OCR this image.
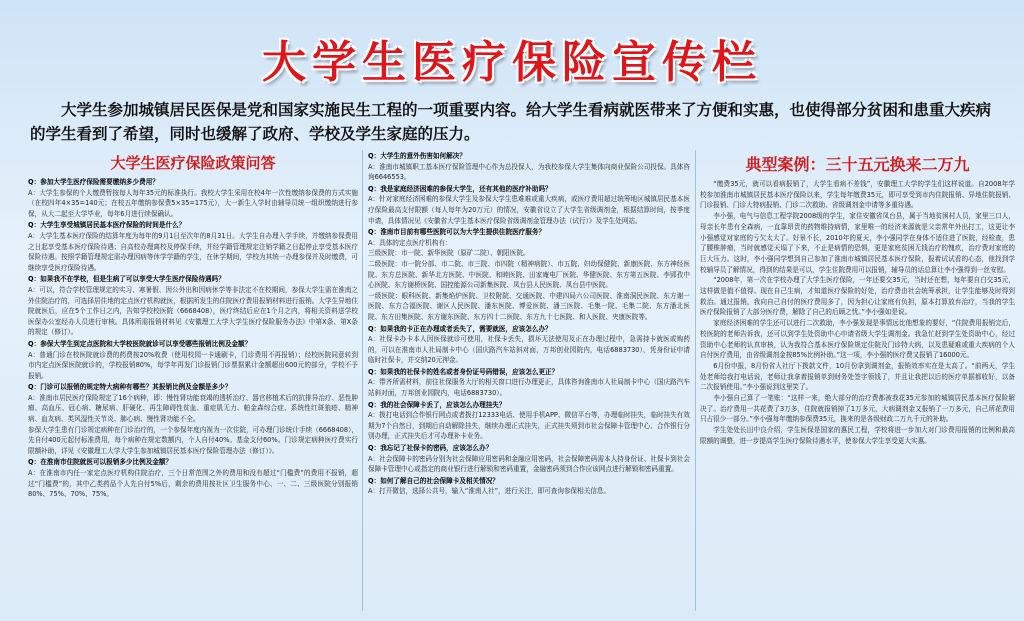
大学生医疗保险宣传栏
大学生参加城镇居民医保是党和国家实施民生工程的一项重要内容。给大学生看病就医带来了方便和实惠，也使得部分贫困和患重大疾病的学生看到了希望，同时也缓解了政府、学校及学生家庭的压力。
大学生医疗保险政策问答
Q：参加大学生医疗保险需要缴纳多少费用？
A：大学生参保的个人缴费暂按每人每年35元的标准执行。我校大学生采用在校4年一次性缴纳参保费的方式实施（在校四年4×35=140元；在校五年缴纳参保费5×35=175元），大一新生入学时由辅导员统一组织缴纳进行参保，从大二起至大学毕业，每年6月进行续保确认。
Q：大学生享受城镇居民基本医疗保险的时间是什么？
A：大学生基本医疗保险的结算年度为每年的9月1日至次年的8月31日。大学生自办理入学手续，并缴纳参保费用之日起享受基本医疗保险待遇；自高校办理离校及停保手续，并经学籍管理规定注销学籍之日起停止享受基本医疗保险待遇。按照学籍管理规定需办理因病等休学学籍的学生，在休学期间，学校为其统一办理参保并及时缴费，可继续享受医疗保险待遇。
Q：如果我不在学校，但是生病了可以享受大学生医疗保险待遇吗？
A：可以，符合学校管理规定的实习、寒暑假、因公外出和因病休学等非法定不在校期间，参保大学生需在淮南之外住院治疗的，可选择居住地的定点医疗机构就医，根据所发生的住院医疗费用报销材料进行报销。大学生异地住院就医后，应在5个工作日之内，告知学校校医院（6668408），医疗终结后应在1个月之内，将相关资料送学校医保办公室经办人员进行审核。具体所需报销材料见《安徽理工大学大学生医疗保险服务办法》中第X条、第X条的规定（修订）。
Q：参保大学生到定点医院和大学校医院就诊可以享受哪些报销比例及金额？
A：普通门诊在校医院就诊费的药费按20%收费（使用校园一卡通刷卡，门诊费用不再报销）；经校医院同意转到市内定点医保医院就诊的，学校报销80%，每学年再发门诊报销门诊票据累计金额超出600元的部分，学校不予报销。
Q：门诊可以报销的规定特大病种有哪些？其报销比例及金额是多少？
A：淮南市居民医疗保险规定了16个病种，即：慢性肾功能衰竭的透析治疗、器官移植术后的抗排异治疗、恶性肿瘤、高血压、冠心病、糖尿病、肝硬化、再生障碍性贫血、重症肌无力、帕金森综合症、系统性红斑狼疮、精神病、血友病、类风湿性关节炎、肺心病、慢性肾功能不全。
参保大学生患有门诊规定病种在门诊治疗的，一个参保年度内视为一次住院，可办理门诊统计手续（6668408），先自付400元起付标准费用，每个病种在规定数额内，个人自付40%。基金支付60%。门诊规定病种医疗费实行限额补助，详见《安徽理工大学大学生参加城镇居民基本医疗保险管理办法（修订）》。
Q：在淮南市住院就医可以报销多少比例及金额？
A：在淮南市内任一家定点医疗机构住院治疗，三个日常范围之外的费用和没有超过“门槛费”的费用不报销，超过“门槛费”的，其中乙类药品个人先自付5%后，剩余的费用按社区卫生服务中心、一、二、三级医院分别报销80%、75%、70%、75%。
Q：大学生的意外伤害如何解决？
A：淮南市城镇职工基本医疗保险管理中心作为总投保人，为我校参保大学生集体向商业保险公司投保。具体咨询6646553。
Q：我是家庭经济困难的参保大学生，还有其他的医疗补助吗？
A：针对家庭经济困难的参保大学生及参保大学生患难难或重大疾病，或医疗费用超过统筹地区城镇居民基本医疗保险最高支付限额（每人每年为20万元）的情况，安徽省设立了大学生省级调剂金，根据结算时间，按季度申请，具体情况见《安徽省大学生基本医疗保险省级调剂金管理办法（试行）》及学生处网站。
Q：淮南市目前有哪些医院可以为大学生提供住院医疗服务？
A：具体的定点医疗机构有：
三级医院：市一院、新华医院（原矿二院）、朝阳医院。
二级医院：市一院分部、市二院、市三院、市四院（精神病院）、市五院、妇幼保健院、新康医院、东方神经医院、东方总医院、新华北方医院、中医院、和睦医院、田家庵电厂医院、华健医院、东方第五医院、李郢孜中心医院、东方谢桥医院、国控能源公司新集医院、凤台县人民医院、凤台县中医院。
一级医院：眼科医院、新集焰炉医院、卫校附院、交通医院、中建四局六公司医院、淮南洞民医院、东方谢一医院、东方合福医院、谢区人民医院、潘东医院、博爱医院、潘三医院、毛集一院、毛集二院、东方潘北医院、东方田集医院、东方谢东医院、东方四十二医院、东方九十七医院、和人医院、夹康医院等。
Q：如果我的卡正在办理或者丢失了，需要就医，应该怎么办？
A：社保卡办卡本人因医保就诊可使用，社保卡丢失，损坏无法使用及正在办理过程中，急需持卡就医或购药的，可以在淮南市人社局制卡中心（国庆路汽车站斜对面，万邦创业园院内，电话6883730），凭身份证申请临时社保卡，并交纳20元押金。
Q：如果我的社保卡的姓名或者身份证号码错误，应该怎么更正？
A：带齐所需材料，前往社保服务大厅的相关窗口进行办理更正，具体咨询淮南市人社局制卡中心（国庆路汽车站斜对面，万邦创业园院内，电话6883730）。
Q：我的社会保障卡丢了，应该怎么办理挂失？
A：拨打电话到合作银行网点或者拨打12333电话、使用手机APP、微信平台等，办理临时挂失，临时挂失有效期为7个自然日，到期后自动解除挂失，继续办理正式挂失，正式挂失须到市社会保障卡管理中心、合作银行分别办理，正式挂失后才可办理补卡业务。
Q：我忘记了社保卡的密码，应该怎么办？
A：社会保障卡的密码分别为社会保障应用密码和金融应用密码，社会保障密码需本人持身份证、社保卡到社会保障卡管理中心或指定的商业银行进行解锁和密码重置，金融密码须到合作应该网点进行解锁和密码重置。
Q：如何了解自己的社会保障卡及相关情况？
A：打开微信，选择公共号，输入“淮南人社”，进行关注，即可查询参保相关信息。
典型案例：三十五元换来二万九

“缴费35元，就可以看病报销了，大学生看病不差钱”，安徽理工大学的学生们这样说道。自2008年学校参加淮南市城镇居民基本医疗保险以来，学生每年缴费35元，即可享受到市内住院报销、异地住院报销、门诊报销、门诊大特病报销、门诊二次救助、省级调剂金申请等多重待遇。

李小强，电气与信息工程学院2008级的学生，家住安徽省凤台县，属于当地贫困村人员，家里三口人，母亲长年患有全森病，一直靠昂贵的药物维持病情，家里唯一的经济来源就是父亲常年外出打工，这更让李小强感觉对家庭的亏欠太大了。好景不长，2010年的夏天，李小强同学在身体不适住进了医院，经检查，患了腰椎肿瘤，当时就感觉天塌了下来，不止是病情的恐惧，更是家庭贫困无钱治疗的愧疚，治疗费对家庭的巨大压力。这时，李小强同学想到自己参加了淮南市城镇居民基本医疗保险，报着试试看的心态，他找到学校辅导员了解情况，得到的结果是可以，学生住院费用可以报销，辅导员的话总算让李小强得到一丝安慰。

“2008年，第一次在学校办理了大学生医疗保险，一年还要交35元，当时还在想，每年要自白交35元，这样做是值不值得。现在自己生病，才知道医疗保险的好处，治疗费由社会统筹承担，让学生能够及时得到救治。通过报销，我向自己自付的医疗费用多了，因为担心让家庭有负担，原本打算放弃治疗，当我的学生医疗保险报销了大部分医疗费，解除了自己的后顾之忧。”李小强如是说。

家庭经济困难的学生还可以进行二次救助，李小强发现是事情远比他想象的要好，“住院费用报销完后，校医院的老师告诉我，还可以到学生处资助中心申请省级大学生调剂金。我急忙赶到学生处资助中心，经过资助中心老师的认真审核，认为我符合基本医疗保险规定住院及门诊特大病，以及患疑难或重大疾病的个人自付医疗费用，由省级调剂金按85%比例补助。”这一项，李小强的医疗费又报销了16000元。

6月份申报，8月份省人社厅下拨款文件，10月份拿到调剂金，报销效率实在是太高了。“前两天，学生处老师给我打电话说，老师让我拿着报销单到财务处签字领钱了，并且让我把以后的医疗单据都收好，以备二次报销使用。”李小强说到这里笑了。

李小强自己算了一笔账：“这样一来，绝大部分的治疗费都被我花35元参加的城镇居民基本医疗保险解决了。治疗费用一共花费了3万多，住院就报销掉了1万多元，大病调剂金又报销了一万多元，自己所花费用只占很少一部分。”李小强每年缴纳参保费35元，换来的是各级财政二万九千元的补助。

学生处处长田中良介绍，学生医保是国家的惠民工程，学校将进一步加大对门诊费用报销的比例和最高限额的调整，进一步提高学生医疗保险待遇水平，使参保大学生享受更大实惠。
